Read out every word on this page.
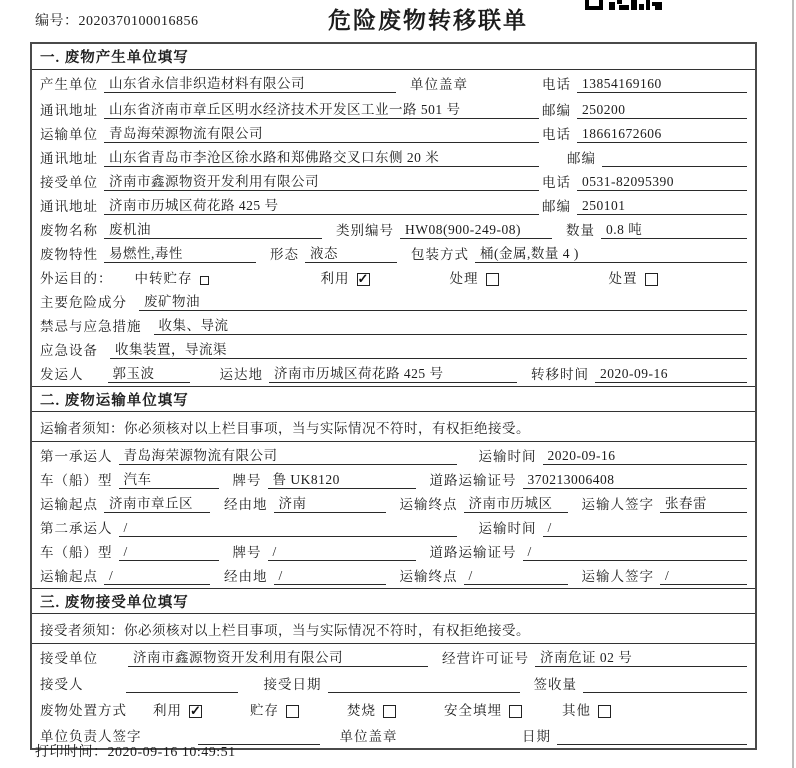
编号：2020370100016856	危险废物转移联单
一. 废物产生单位填写
产生单位 山东省永信非织造材料有限公司	单位盖章	电话 13854169160
通讯地址 山东省济南市章丘区明水经济技术开发区工业一路 501 号	邮编 250200
运输单位 青岛海荣源物流有限公司	电话 18661672606
通讯地址 山东省青岛市李沧区徐水路和郑佛路交叉口东侧 20 米	邮编
接受单位 济南市鑫源物资开发利用有限公司	电话 0531-82095390
通讯地址 济南市历城区荷花路 425 号	邮编 250101
废物名称 废机油	类别编号 HW08(900-249-08)	数量 0.8 吨
废物特性 易燃性,毒性	形态 液态	包装方式 桶(金属,数量 4 )
外运目的： 中转贮存	利用 ✓	处理	处置
主要危险成分	废矿物油
禁忌与应急措施	收集、导流
应急设备	收集装置，导流渠
发运人	郭玉波	运达地 济南市历城区荷花路 425 号	转移时间 2020-09-16
二. 废物运输单位填写
运输者须知：你必须核对以上栏目事项，当与实际情况不符时，有权拒绝接受。
第一承运人 青岛海荣源物流有限公司	运输时间 2020-09-16
车（船）型 汽车	牌号 鲁 UK8120	道路运输证号 370213006408
运输起点 济南市章丘区	经由地 济南	运输终点 济南市历城区	运输人签字 张春雷
第二承运人 /	运输时间 /
车（船）型 /	牌号 /	道路运输证号 /
运输起点 /	经由地 /	运输终点 /	运输人签字 /
三. 废物接受单位填写
接受者须知：你必须核对以上栏目事项，当与实际情况不符时，有权拒绝接受。
接受单位	济南市鑫源物资开发利用有限公司	经营许可证号 济南危证 02 号
接受人	接受日期	签收量
废物处置方式 利用 ✓	贮存	焚烧	安全填埋	其他
单位负责人签字	单位盖章	日期
打印时间：2020-09-16 10:49:51
